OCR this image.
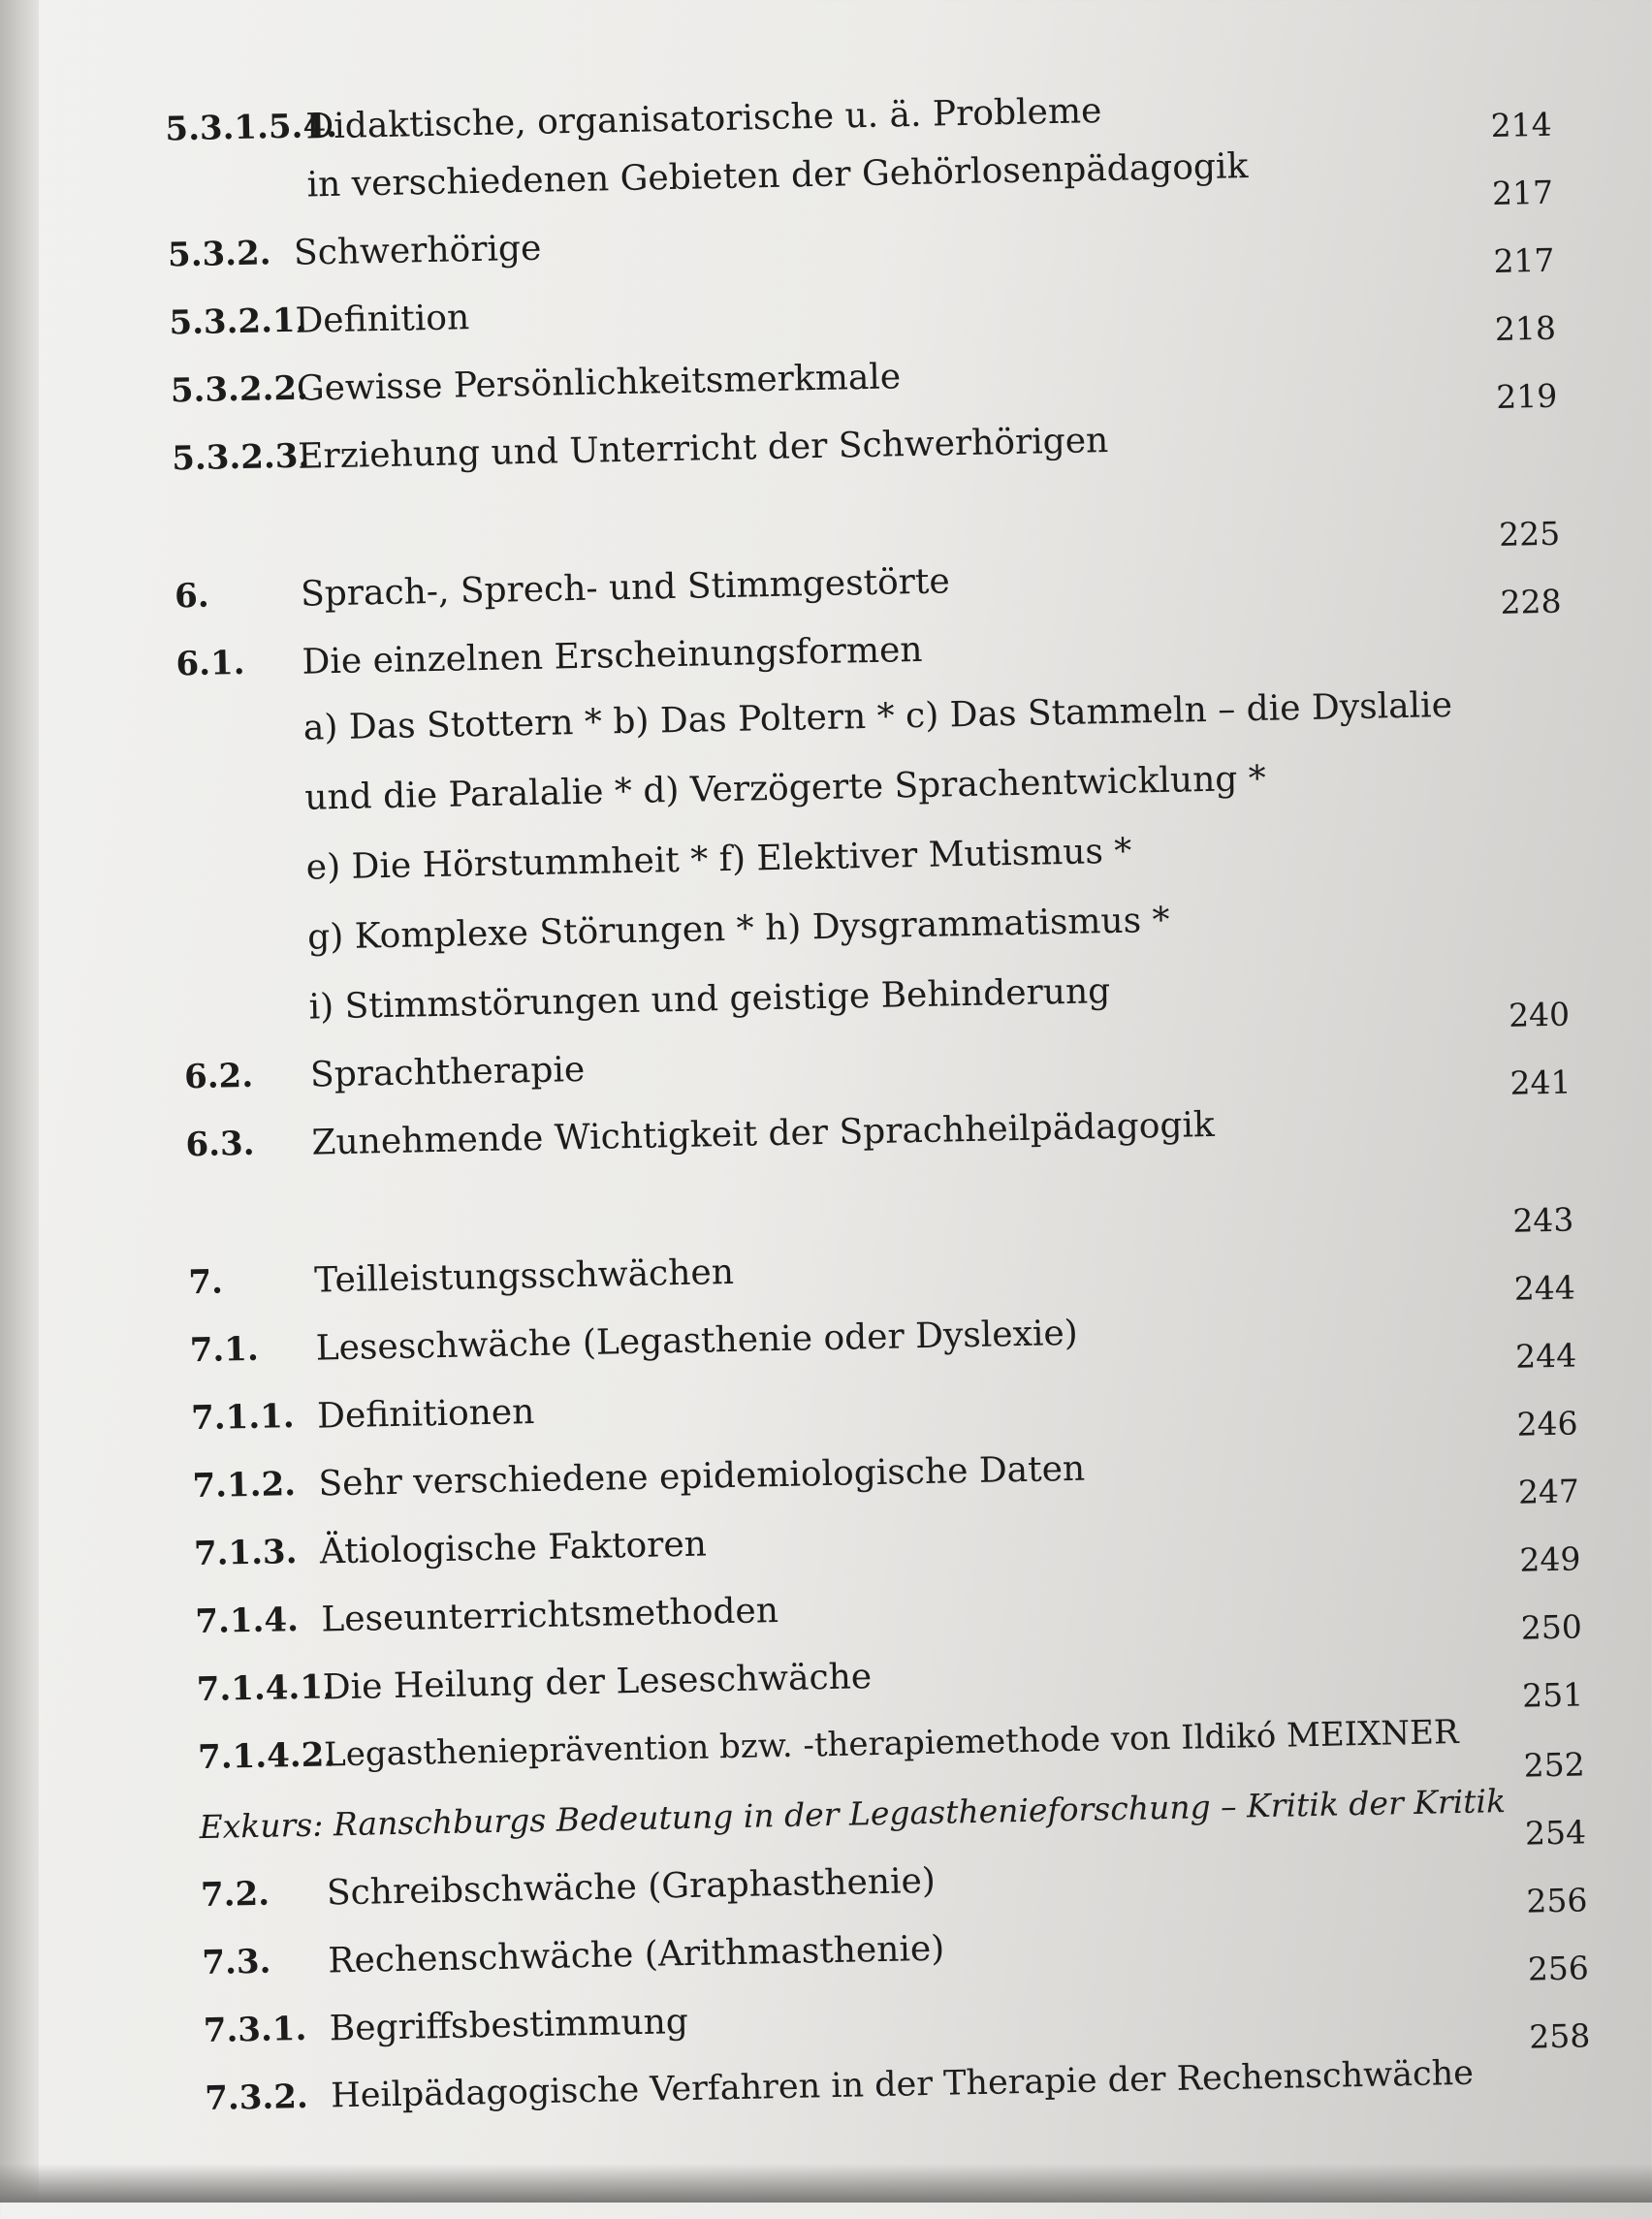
5.3.1.5.4.
Didaktische, organisatorische u. ä. Probleme
in verschiedenen Gebieten der Gehörlosenpädagogik
214
5.3.2. Schwerhörige
217
5.3.2.1.
Definition
217
5.3.2.2.
Gewisse Persönlichkeitsmerkmale
218
5.3.2.3.
Erziehung und Unterricht der Schwerhörigen
219
6.	Sprach-, Sprech- und Stimmgestörte
225
6.1. Die einzelnen Erscheinungsformen
228
a) Das Stottern * b) Das Poltern * c) Das Stammeln – die Dyslalie
und die Paralalie * d) Verzögerte Sprachentwicklung *
e) Die Hörstummheit * f) Elektiver Mutismus *
g) Komplexe Störungen * h) Dysgrammatismus *
i) Stimmstörungen und geistige Behinderung
6.2. Sprachtherapie
240
6.3. Zunehmende Wichtigkeit der Sprachheilpädagogik
241
7.	Teilleistungsschwächen
243
7.1. Leseschwäche (Legasthenie oder Dyslexie)
244
7.1.1. Definitionen
244
7.1.2. Sehr verschiedene epidemiologische Daten
246
7.1.3. Ätiologische Faktoren
247
7.1.4. Leseunterrichtsmethoden
249
7.1.4.1.
Die Heilung der Leseschwäche
250
7.1.4.2.
Legasthenieprävention bzw. -therapiemethode von Ildikó MEIXNER
251
Exkurs: Ranschburgs Bedeutung in der Legasthenieforschung – Kritik der Kritik
252
7.2. Schreibschwäche (Graphasthenie)
254
7.3. Rechenschwäche (Arithmasthenie)
256
7.3.1. Begriffsbestimmung
256
7.3.2. Heilpädagogische Verfahren in der Therapie der Rechenschwäche
258
